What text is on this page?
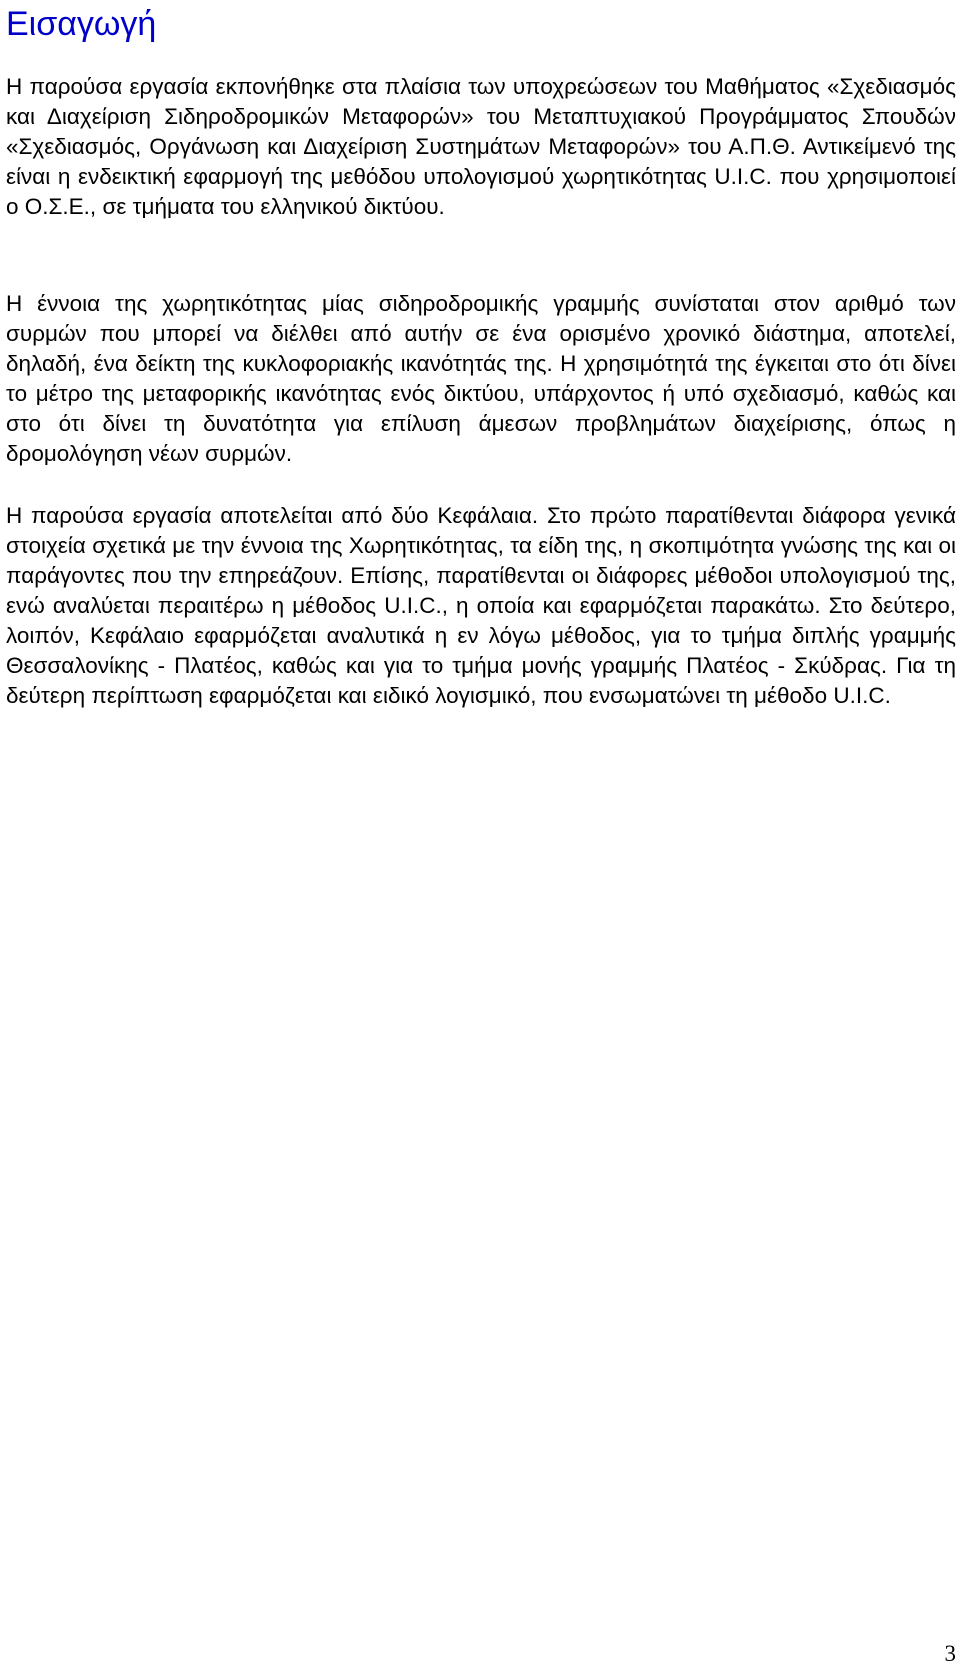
Εισαγωγή

Η παρούσα εργασία εκπονήθηκε στα πλαίσια των υποχρεώσεων του Μαθήματος «Σχεδιασμός και Διαχείριση Σιδηροδρομικών Μεταφορών» του Μεταπτυχιακού Προγράμματος Σπουδών «Σχεδιασμός, Οργάνωση και Διαχείριση Συστημάτων Μεταφορών» του Α.Π.Θ. Αντικείμενό της είναι η ενδεικτική εφαρμογή της μεθόδου υπολογισμού χωρητικότητας U.I.C. που χρησιμοποιεί ο Ο.Σ.Ε., σε τμήματα του ελληνικού δικτύου.

Η έννοια της χωρητικότητας μίας σιδηροδρομικής γραμμής συνίσταται στον αριθμό των συρμών που μπορεί να διέλθει από αυτήν σε ένα ορισμένο χρονικό διάστημα, αποτελεί, δηλαδή, ένα δείκτη της κυκλοφοριακής ικανότητάς της. Η χρησιμότητά της έγκειται στο ότι δίνει το μέτρο της μεταφορικής ικανότητας ενός δικτύου, υπάρχοντος ή υπό σχεδιασμό, καθώς και στο ότι δίνει τη δυνατότητα για επίλυση άμεσων προβλημάτων διαχείρισης, όπως η δρομολόγηση νέων συρμών.

Η παρούσα εργασία αποτελείται από δύο Κεφάλαια. Στο πρώτο παρατίθενται διάφορα γενικά στοιχεία σχετικά με την έννοια της Χωρητικότητας, τα είδη της, η σκοπιμότητα γνώσης της και οι παράγοντες που την επηρεάζουν. Επίσης, παρατίθενται οι διάφορες μέθοδοι υπολογισμού της, ενώ αναλύεται περαιτέρω η μέθοδος U.I.C., η οποία και εφαρμόζεται παρακάτω. Στο δεύτερο, λοιπόν, Κεφάλαιο εφαρμόζεται αναλυτικά η εν λόγω μέθοδος, για το τμήμα διπλής γραμμής Θεσσαλονίκης - Πλατέος, καθώς και για το τμήμα μονής γραμμής Πλατέος - Σκύδρας. Για τη δεύτερη περίπτωση εφαρμόζεται και ειδικό λογισμικό, που ενσωματώνει τη μέθοδο U.I.C.

3
